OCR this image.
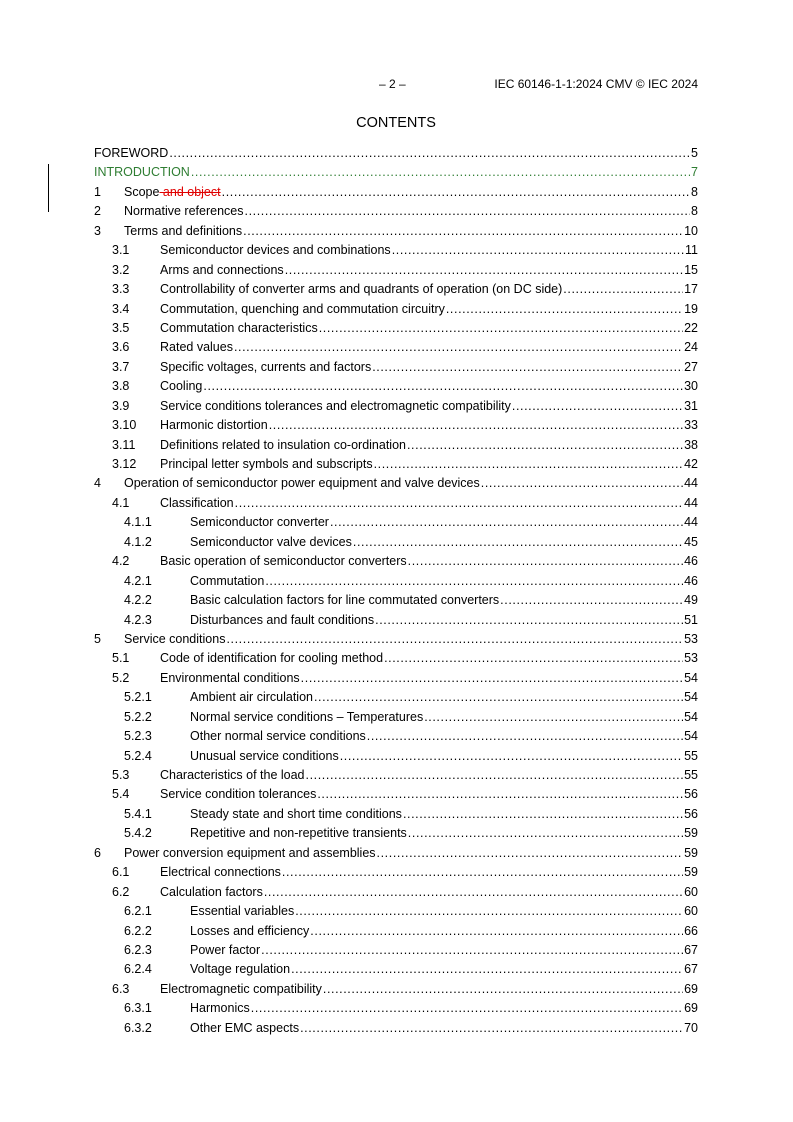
– 2 –	IEC 60146-1-1:2024 CMV © IEC 2024
CONTENTS
FOREWORD .....	5
INTRODUCTION .....	7
1	Scope and object .....	8
2	Normative references .....	8
3	Terms and definitions .....	10
3.1	Semiconductor devices and combinations .....	11
3.2	Arms and connections .....	15
3.3	Controllability of converter arms and quadrants of operation (on DC side) .....	17
3.4	Commutation, quenching and commutation circuitry .....	19
3.5	Commutation characteristics .....	22
3.6	Rated values .....	24
3.7	Specific voltages, currents and factors .....	27
3.8	Cooling .....	30
3.9	Service conditions tolerances and electromagnetic compatibility .....	31
3.10	Harmonic distortion .....	33
3.11	Definitions related to insulation co-ordination .....	38
3.12	Principal letter symbols and subscripts .....	42
4	Operation of semiconductor power equipment and valve devices .....	44
4.1	Classification .....	44
4.1.1	Semiconductor converter .....	44
4.1.2	Semiconductor valve devices .....	45
4.2	Basic operation of semiconductor converters .....	46
4.2.1	Commutation .....	46
4.2.2	Basic calculation factors for line commutated converters .....	49
4.2.3	Disturbances and fault conditions .....	51
5	Service conditions .....	53
5.1	Code of identification for cooling method .....	53
5.2	Environmental conditions .....	54
5.2.1	Ambient air circulation .....	54
5.2.2	Normal service conditions – Temperatures .....	54
5.2.3	Other normal service conditions .....	54
5.2.4	Unusual service conditions .....	55
5.3	Characteristics of the load .....	55
5.4	Service condition tolerances .....	56
5.4.1	Steady state and short time conditions .....	56
5.4.2	Repetitive and non-repetitive transients .....	59
6	Power conversion equipment and assemblies .....	59
6.1	Electrical connections .....	59
6.2	Calculation factors .....	60
6.2.1	Essential variables .....	60
6.2.2	Losses and efficiency .....	66
6.2.3	Power factor .....	67
6.2.4	Voltage regulation .....	67
6.3	Electromagnetic compatibility .....	69
6.3.1	Harmonics .....	69
6.3.2	Other EMC aspects .....	70
